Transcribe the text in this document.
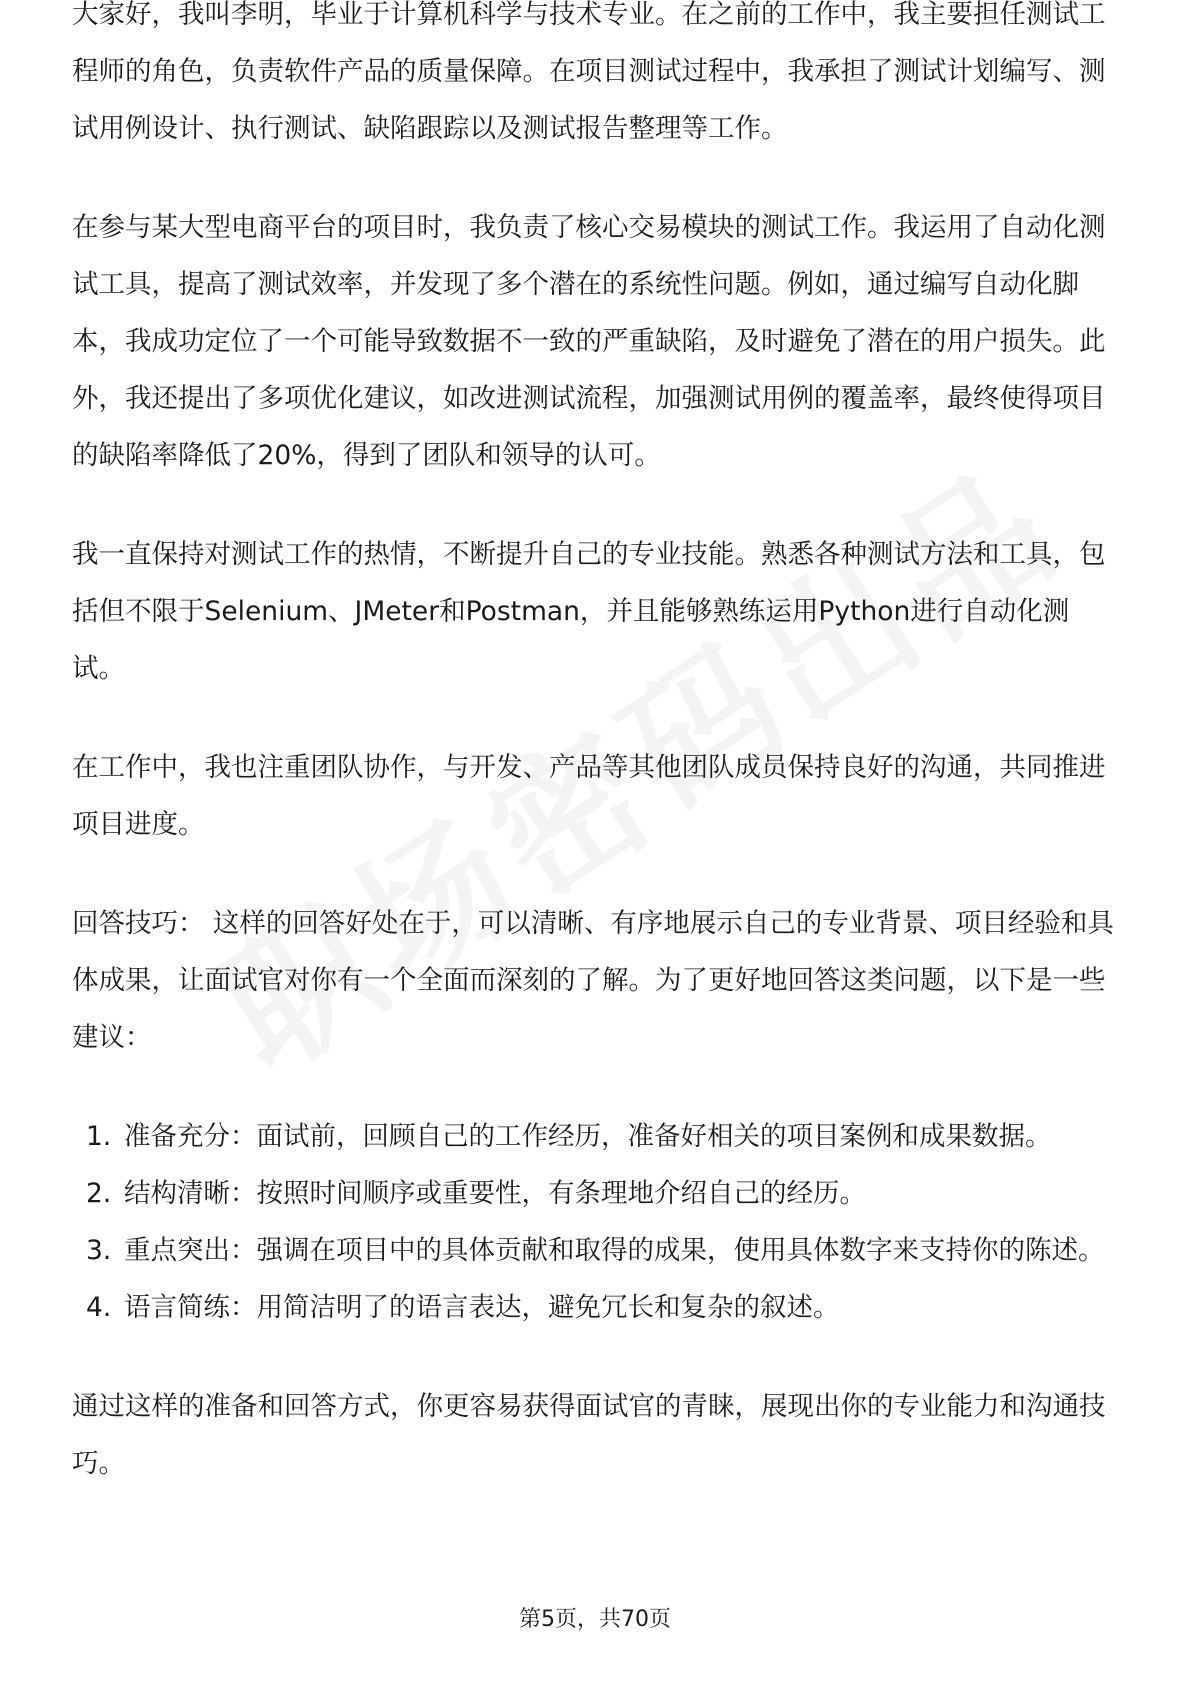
大家好，我叫李明，毕业于计算机科学与技术专业。在之前的工作中，我主要担任测试工程师的角色，负责软件产品的质量保障。在项目测试过程中，我承担了测试计划编写、测试用例设计、执行测试、缺陷跟踪以及测试报告整理等工作。

在参与某大型电商平台的项目时，我负责了核心交易模块的测试工作。我运用了自动化测试工具，提高了测试效率，并发现了多个潜在的系统性问题。例如，通过编写自动化脚本，我成功定位了一个可能导致数据不一致的严重缺陷，及时避免了潜在的用户损失。此外，我还提出了多项优化建议，如改进测试流程，加强测试用例的覆盖率，最终使得项目的缺陷率降低了20%，得到了团队和领导的认可。

我一直保持对测试工作的热情，不断提升自己的专业技能。熟悉各种测试方法和工具，包括但不限于Selenium、JMeter和Postman，并且能够熟练运用Python进行自动化测试。

在工作中，我也注重团队协作，与开发、产品等其他团队成员保持良好的沟通，共同推进项目进度。

回答技巧： 这样的回答好处在于，可以清晰、有序地展示自己的专业背景、项目经验和具体成果，让面试官对你有一个全面而深刻的了解。为了更好地回答这类问题，以下是一些建议：

1. 准备充分：面试前，回顾自己的工作经历，准备好相关的项目案例和成果数据。
2. 结构清晰：按照时间顺序或重要性，有条理地介绍自己的经历。
3. 重点突出：强调在项目中的具体贡献和取得的成果，使用具体数字来支持你的陈述。
4. 语言简练：用简洁明了的语言表达，避免冗长和复杂的叙述。

通过这样的准备和回答方式，你更容易获得面试官的青睐，展现出你的专业能力和沟通技巧。

第5页，共70页
